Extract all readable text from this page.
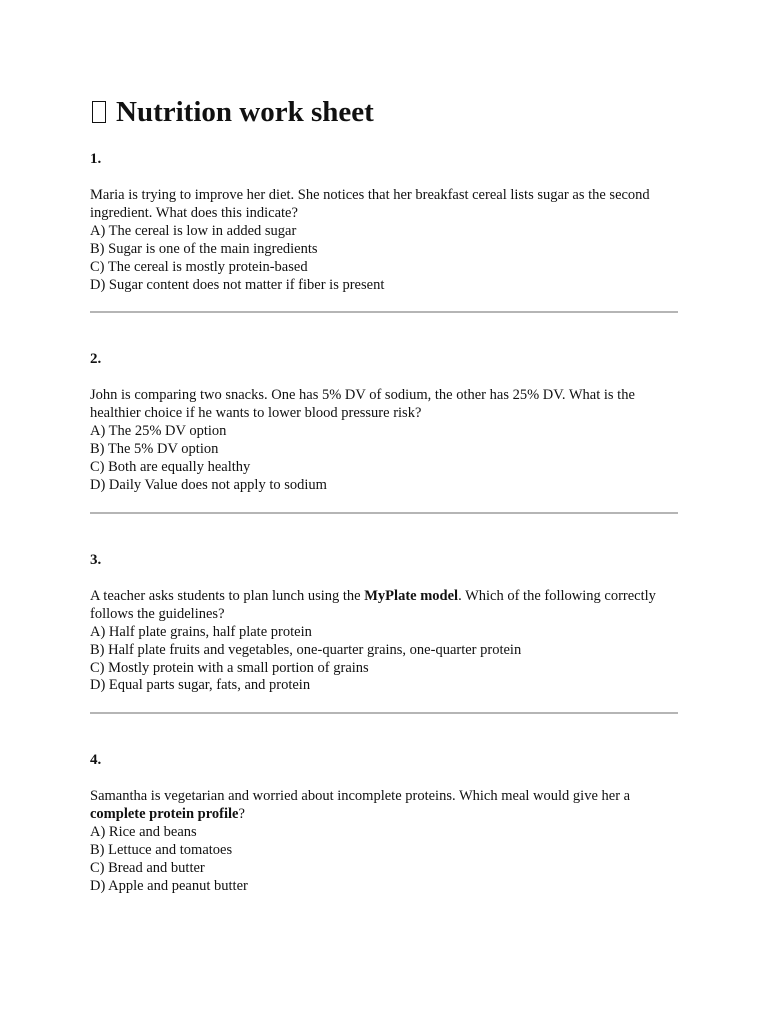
Nutrition work sheet
1.
Maria is trying to improve her diet. She notices that her breakfast cereal lists sugar as the second ingredient. What does this indicate?
A) The cereal is low in added sugar
B) Sugar is one of the main ingredients
C) The cereal is mostly protein-based
D) Sugar content does not matter if fiber is present
2.
John is comparing two snacks. One has 5% DV of sodium, the other has 25% DV. What is the healthier choice if he wants to lower blood pressure risk?
A) The 25% DV option
B) The 5% DV option
C) Both are equally healthy
D) Daily Value does not apply to sodium
3.
A teacher asks students to plan lunch using the MyPlate model. Which of the following correctly follows the guidelines?
A) Half plate grains, half plate protein
B) Half plate fruits and vegetables, one-quarter grains, one-quarter protein
C) Mostly protein with a small portion of grains
D) Equal parts sugar, fats, and protein
4.
Samantha is vegetarian and worried about incomplete proteins. Which meal would give her a complete protein profile?
A) Rice and beans
B) Lettuce and tomatoes
C) Bread and butter
D) Apple and peanut butter
